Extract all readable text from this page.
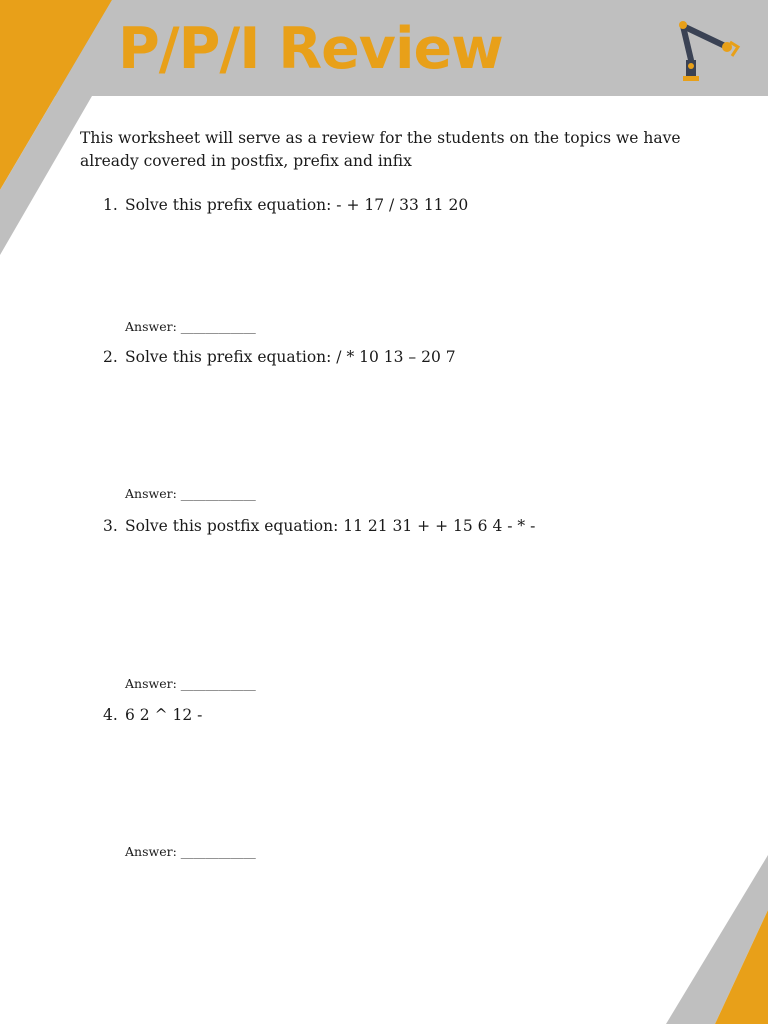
P/P/I Review

This worksheet will serve as a review for the students on the topics we have already covered in postfix, prefix and infix

1. Solve this prefix equation: - + 17 / 33 11 20
Answer: ____________
2. Solve this prefix equation: / * 10 13 – 20 7
Answer: ____________
3. Solve this postfix equation: 11 21 31 + + 15 6 4 - * -
Answer: ____________
4. 6 2 ^ 12 -
Answer: ____________
